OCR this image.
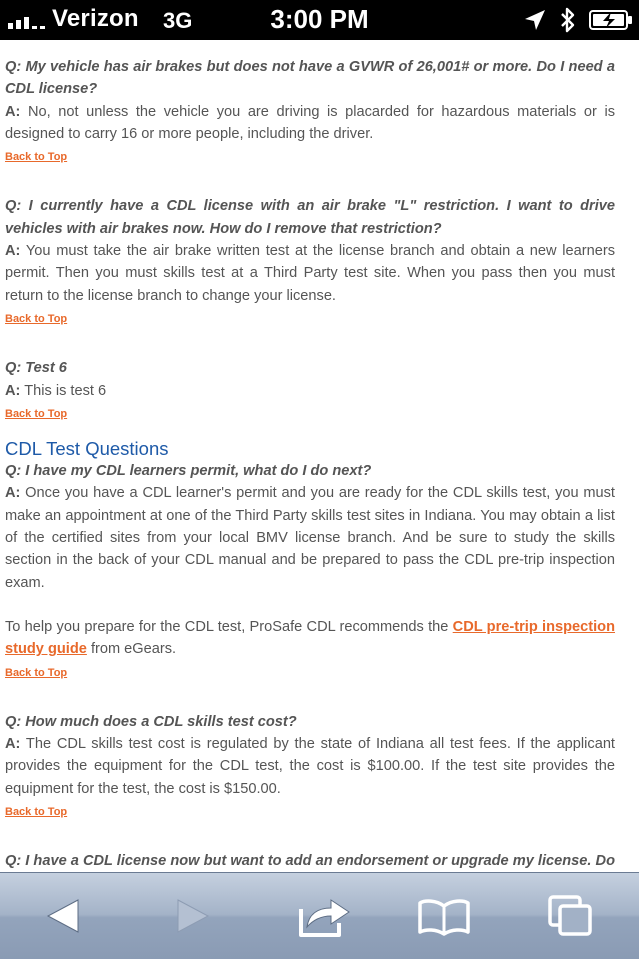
Verizon 3G	3:00 PM
Q: My vehicle has air brakes but does not have a GVWR of 26,001# or more. Do I need a CDL license?
A: No, not unless the vehicle you are driving is placarded for hazardous materials or is designed to carry 16 or more people, including the driver.
Back to Top
Q: I currently have a CDL license with an air brake "L" restriction. I want to drive vehicles with air brakes now. How do I remove that restriction?
A: You must take the air brake written test at the license branch and obtain a new learners permit. Then you must skills test at a Third Party test site. When you pass then you must return to the license branch to change your license.
Back to Top
Q: Test 6
A: This is test 6
Back to Top
CDL Test Questions
Q: I have my CDL learners permit, what do I do next?
A: Once you have a CDL learner's permit and you are ready for the CDL skills test, you must make an appointment at one of the Third Party skills test sites in Indiana. You may obtain a list of the certified sites from your local BMV license branch. And be sure to study the skills section in the back of your CDL manual and be prepared to pass the CDL pre-trip inspection exam.
To help you prepare for the CDL test, ProSafe CDL recommends the CDL pre-trip inspection study guide from eGears.
Back to Top
Q: How much does a CDL skills test cost?
A: The CDL skills test cost is regulated by the state of Indiana all test fees. If the applicant provides the equipment for the CDL test, the cost is $100.00. If the test site provides the equipment for the test, the cost is $150.00.
Back to Top
Q: I have a CDL license now but want to add an endorsement or upgrade my license. Do
